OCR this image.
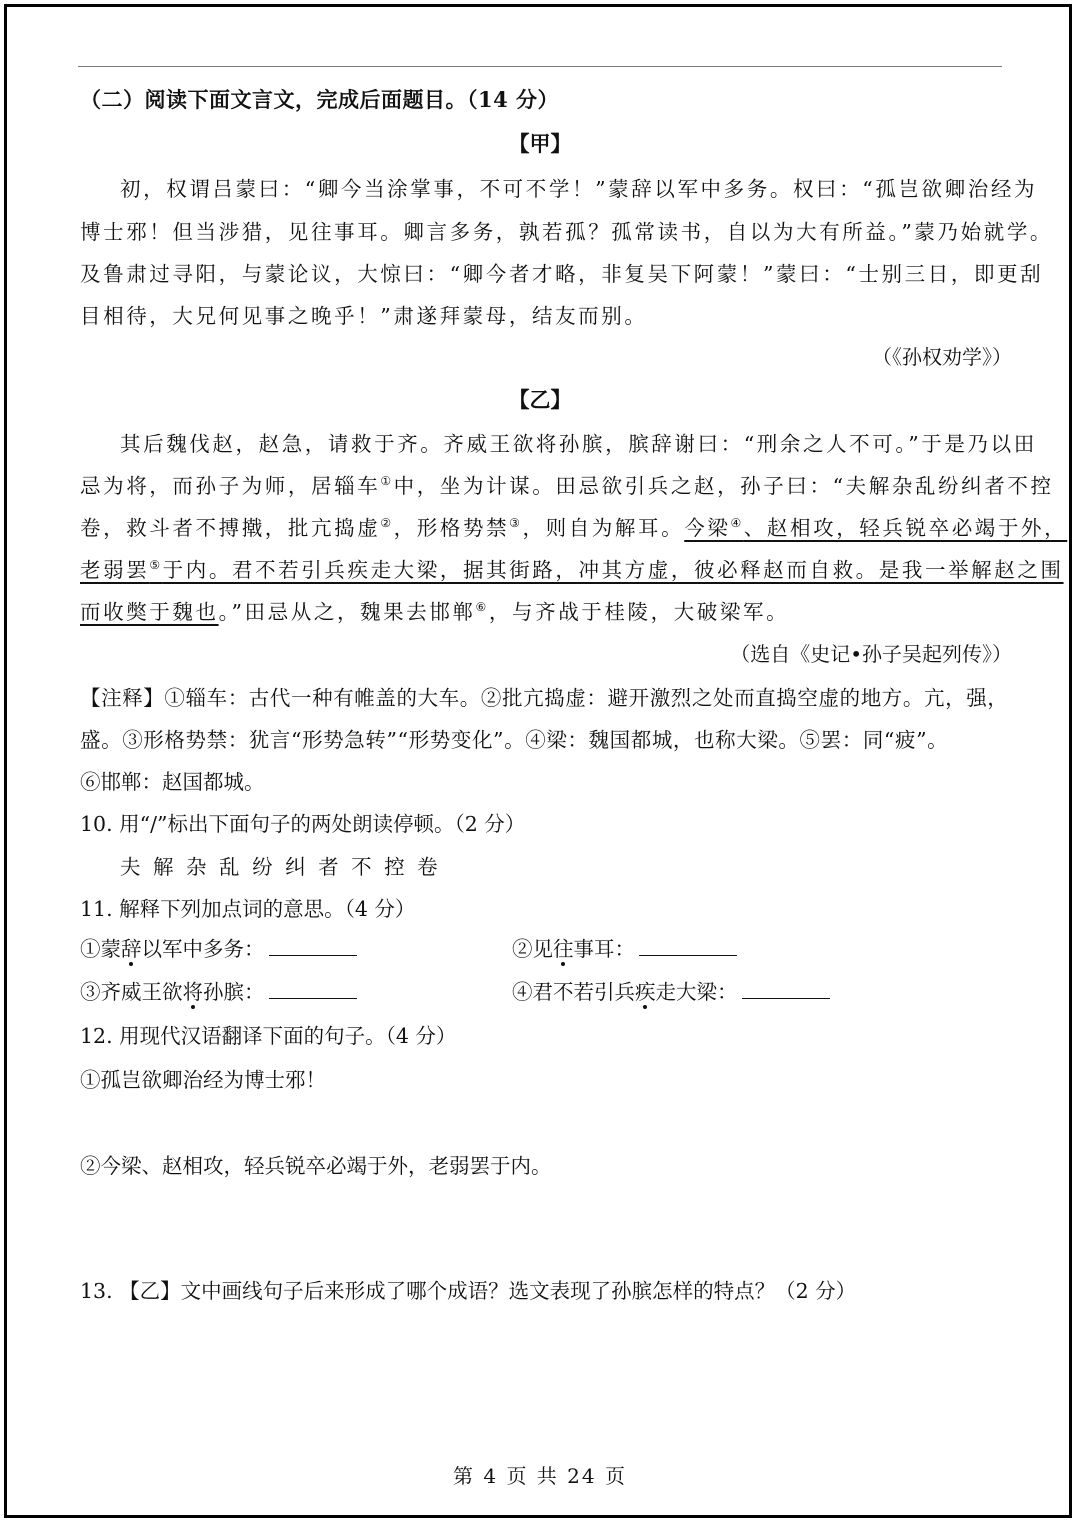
（二）阅读下面文言文，完成后面题目。（14 分）
【甲】
初，权谓吕蒙曰：“卿今当涂掌事，不可不学！”蒙辞以军中多务。权曰：“孤岂欲卿治经为
博士邪！但当涉猎，见往事耳。卿言多务，孰若孤？孤常读书，自以为大有所益。”蒙乃始就学。
及鲁肃过寻阳，与蒙论议，大惊曰：“卿今者才略，非复吴下阿蒙！”蒙曰：“士别三日，即更刮
目相待，大兄何见事之晚乎！”肃遂拜蒙母，结友而别。
（《孙权劝学》）
【乙】
其后魏伐赵，赵急，请救于齐。齐威王欲将孙膑，膑辞谢曰：“刑余之人不可。”于是乃以田
忌为将，而孙子为师，居辎车①中，坐为计谋。田忌欲引兵之赵，孙子曰：“夫解杂乱纷纠者不控
卷，救斗者不搏撠，批亢捣虚②，形格势禁③，则自为解耳。今梁④、赵相攻，轻兵锐卒必竭于外，
老弱罢⑤于内。君不若引兵疾走大梁，据其街路，冲其方虚，彼必释赵而自救。是我一举解赵之围
而收獘于魏也。”田忌从之，魏果去邯郸⑥，与齐战于桂陵，大破梁军。
（选自《史记•孙子吴起列传》）
【注释】①辎车：古代一种有帷盖的大车。②批亢捣虚：避开激烈之处而直捣空虚的地方。亢，强，
盛。③形格势禁：犹言“形势急转”“形势变化”。④梁：魏国都城，也称大梁。⑤罢：同“疲”。
⑥邯郸：赵国都城。
10. 用“/”标出下面句子的两处朗读停顿。（2 分）
夫 解 杂 乱 纷 纠 者 不 控 卷
11. 解释下列加点词的意思。（4 分）
①蒙辞以军中多务：	②见往事耳：
③齐威王欲将孙膑：	④君不若引兵疾走大梁：
12. 用现代汉语翻译下面的句子。（4 分）
①孤岂欲卿治经为博士邪！
②今梁、赵相攻，轻兵锐卒必竭于外，老弱罢于内。
13. 【乙】文中画线句子后来形成了哪个成语？选文表现了孙膑怎样的特点？（2 分）
第 4 页 共 24 页
